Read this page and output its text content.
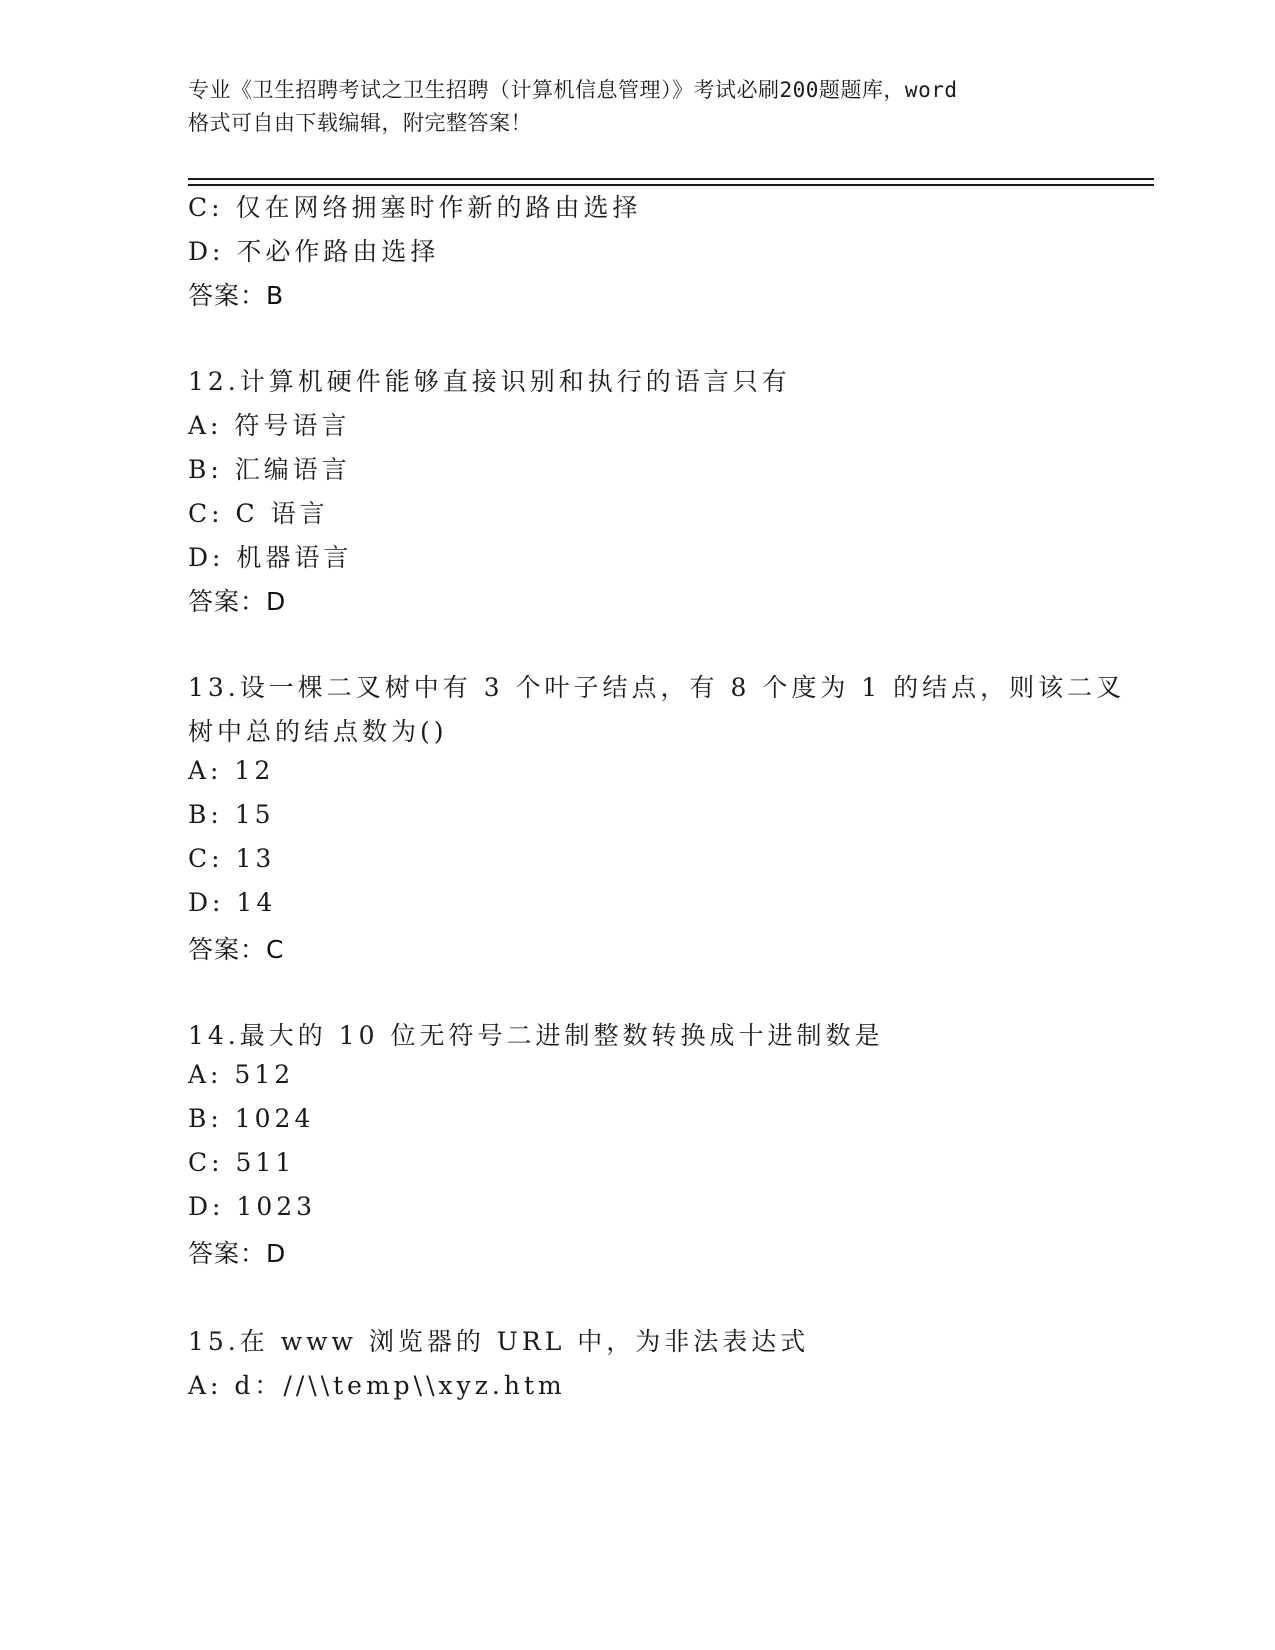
专业《卫生招聘考试之卫生招聘（计算机信息管理）》考试必刷200题题库，word
格式可自由下载编辑，附完整答案！
C: 仅在网络拥塞时作新的路由选择
D: 不必作路由选择
答案：B
12.计算机硬件能够直接识别和执行的语言只有
A: 符号语言
B: 汇编语言
C: C 语言
D: 机器语言
答案：D
13.设一棵二叉树中有 3 个叶子结点，有 8 个度为 1 的结点，则该二叉
树中总的结点数为()
A: 12
B: 15
C: 13
D: 14
答案：C
14.最大的 10 位无符号二进制整数转换成十进制数是
A: 512
B: 1024
C: 511
D: 1023
答案：D
15.在 www 浏览器的 URL 中，为非法表达式
A: d：//\\temp\\xyz.htm
